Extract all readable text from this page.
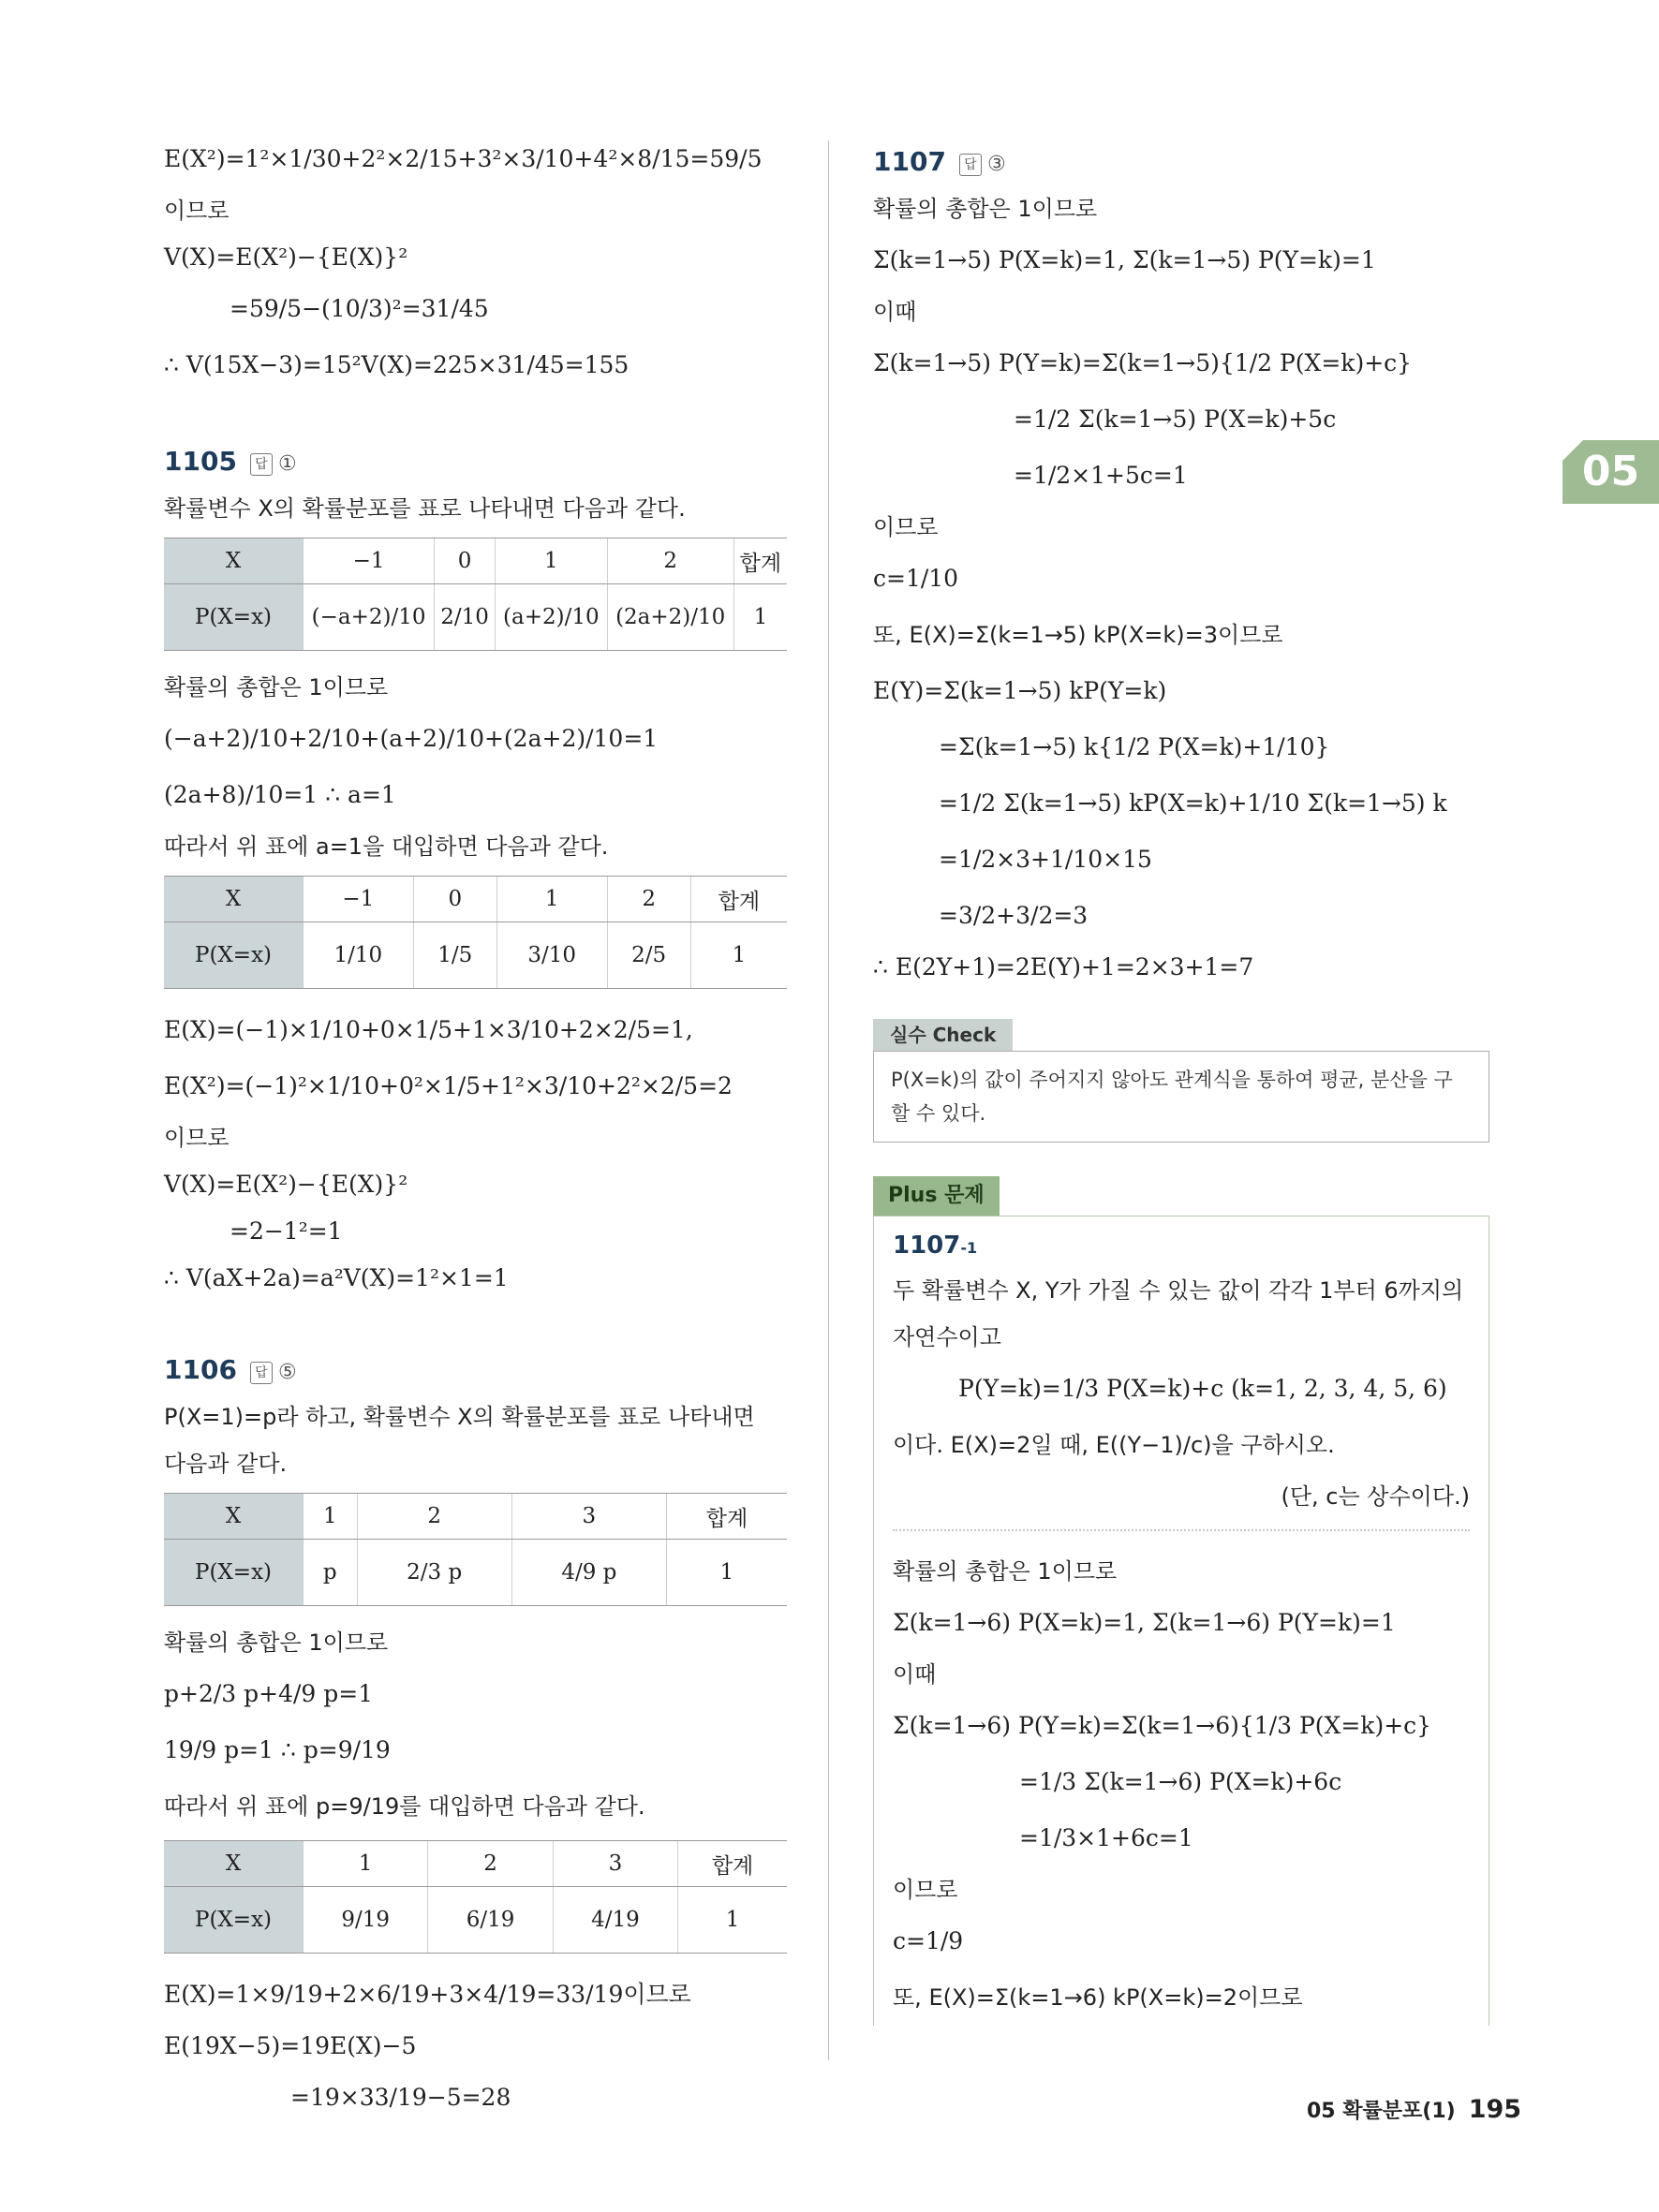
05
E(X²)=1²×1/30+2²×2/15+3²×3/10+4²×8/15=59/5
이므로
V(X)=E(X²)−{E(X)}²
=59/5−(10/3)²=31/45
∴ V(15X−3)=15²V(X)=225×31/45=155
1105 답 ①
확률변수 X의 확률분포를 표로 나타내면 다음과 같다.
X	−1	0	1	2	합계
P(X=x)	(−a+2)/10	2/10	(a+2)/10	(2a+2)/10	1
확률의 총합은 1이므로
(−a+2)/10+2/10+(a+2)/10+(2a+2)/10=1
(2a+8)/10=1 ∴ a=1
따라서 위 표에 a=1을 대입하면 다음과 같다.
X	−1	0	1	2	합계
P(X=x)	1/10	1/5	3/10	2/5	1
E(X)=(−1)×1/10+0×1/5+1×3/10+2×2/5=1,
E(X²)=(−1)²×1/10+0²×1/5+1²×3/10+2²×2/5=2
이므로
V(X)=E(X²)−{E(X)}²
=2−1²=1
∴ V(aX+2a)=a²V(X)=1²×1=1
1106 답 ⑤
P(X=1)=p라 하고, 확률변수 X의 확률분포를 표로 나타내면
다음과 같다.
X	1	2	3	합계
P(X=x)	p	2/3 p	4/9 p	1
확률의 총합은 1이므로
p+2/3 p+4/9 p=1
19/9 p=1 ∴ p=9/19
따라서 위 표에 p=9/19를 대입하면 다음과 같다.
X	1	2	3	합계
P(X=x)	9/19	6/19	4/19	1
E(X)=1×9/19+2×6/19+3×4/19=33/19이므로
E(19X−5)=19E(X)−5
=19×33/19−5=28
1107 답 ③
확률의 총합은 1이므로
Σ(k=1→5) P(X=k)=1, Σ(k=1→5) P(Y=k)=1
이때
Σ(k=1→5) P(Y=k)=Σ(k=1→5){1/2 P(X=k)+c}
=1/2 Σ(k=1→5) P(X=k)+5c
=1/2×1+5c=1
이므로
c=1/10
또, E(X)=Σ(k=1→5) kP(X=k)=3이므로
E(Y)=Σ(k=1→5) kP(Y=k)
=Σ(k=1→5) k{1/2 P(X=k)+1/10}
=1/2 Σ(k=1→5) kP(X=k)+1/10 Σ(k=1→5) k
=1/2×3+1/10×15
=3/2+3/2=3
∴ E(2Y+1)=2E(Y)+1=2×3+1=7
실수 Check
P(X=k)의 값이 주어지지 않아도 관계식을 통하여 평균, 분산을 구할 수 있다.
Plus 문제
1107-1
두 확률변수 X, Y가 가질 수 있는 값이 각각 1부터 6까지의
자연수이고
P(Y=k)=1/3 P(X=k)+c (k=1, 2, 3, 4, 5, 6)
이다. E(X)=2일 때, E((Y−1)/c)을 구하시오.
(단, c는 상수이다.)
확률의 총합은 1이므로
Σ(k=1→6) P(X=k)=1, Σ(k=1→6) P(Y=k)=1
이때
Σ(k=1→6) P(Y=k)=Σ(k=1→6){1/3 P(X=k)+c}
=1/3 Σ(k=1→6) P(X=k)+6c
=1/3×1+6c=1
이므로
c=1/9
또, E(X)=Σ(k=1→6) kP(X=k)=2이므로
05 확률분포(1) 195
